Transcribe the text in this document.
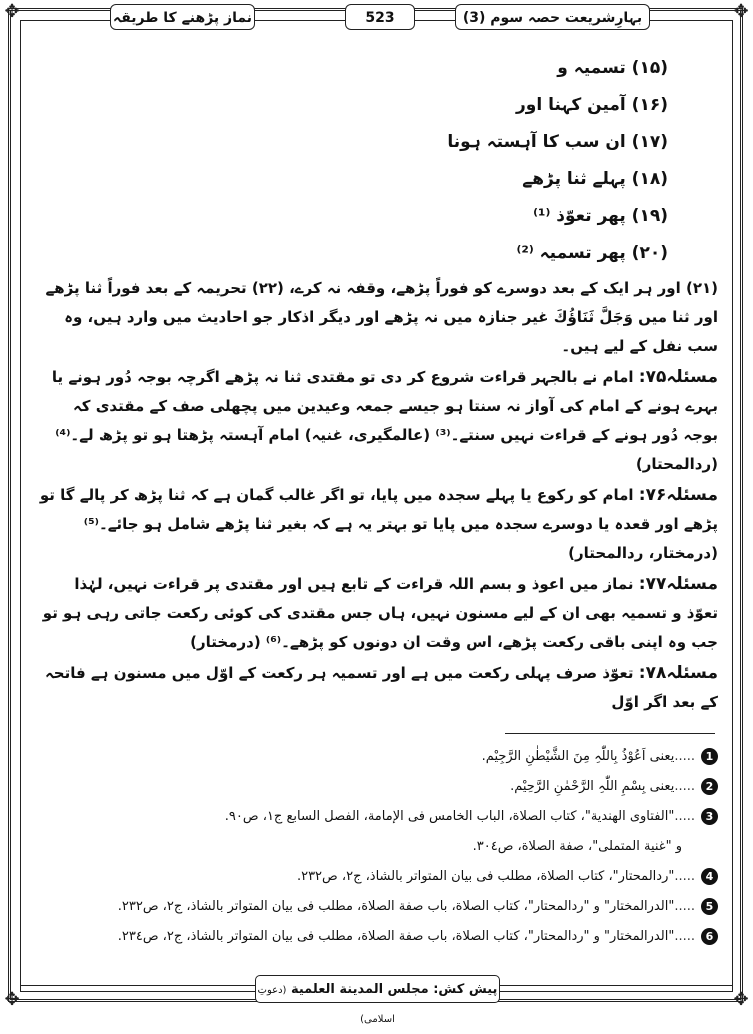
✥	✥
✥	✥
بہارِشریعت حصہ سوم (3)
523
نماز پڑھنے کا طریقہ
(۱۵) تسمیہ و
(۱۶) آمین کہنا اور
(۱۷) ان سب کا آہستہ ہونا
(۱۸) پہلے ثنا پڑھے
(۱۹) پھر تعوّذ ⁽¹⁾
(۲۰) پھر تسمیہ ⁽²⁾
(۲۱) اور ہر ایک کے بعد دوسرے کو فوراً پڑھے، وقفہ نہ کرے، (۲۲) تحریمہ کے بعد فوراً ثنا پڑھے اور ثنا میں وَجَلَّ ثَنَاؤُكَ غیر جنازہ میں نہ پڑھے اور دیگر اذکار جو احادیث میں وارد ہیں، وہ سب نفل کے لیے ہیں۔
مسئلہ۷۵: امام نے بالجہر قراءت شروع کر دی تو مقتدی ثنا نہ پڑھے اگرچہ بوجہ دُور ہونے یا بہرے ہونے کے امام کی آواز نہ سنتا ہو جیسے جمعہ وعیدین میں پچھلی صف کے مقتدی کہ بوجہ دُور ہونے کے قراءت نہیں سنتے۔⁽³⁾ (عالمگیری، غنیہ) امام آہستہ پڑھتا ہو تو پڑھ لے۔⁽⁴⁾ (ردالمحتار)
مسئلہ۷۶: امام کو رکوع یا پہلے سجدہ میں پایا، تو اگر غالب گمان ہے کہ ثنا پڑھ کر پالے گا تو پڑھے اور قعدہ یا دوسرے سجدہ میں پایا تو بہتر یہ ہے کہ بغیر ثنا پڑھے شامل ہو جائے۔⁽⁵⁾ (درمختار، ردالمحتار)
مسئلہ۷۷: نماز میں اعوذ و بسم اللہ قراءت کے تابع ہیں اور مقتدی پر قراءت نہیں، لہٰذا تعوّذ و تسمیہ بھی ان کے لیے مسنون نہیں، ہاں جس مقتدی کی کوئی رکعت جاتی رہی ہو تو جب وہ اپنی باقی رکعت پڑھے، اس وقت ان دونوں کو پڑھے۔⁽⁶⁾ (درمختار)
مسئلہ۷۸: تعوّذ صرف پہلی رکعت میں ہے اور تسمیہ ہر رکعت کے اوّل میں مسنون ہے فاتحہ کے بعد اگر اوّل
1.....یعنی اَعُوْذُ بِاللّٰہِ مِنَ الشَّیْطٰنِ الرَّجِیْم.
2.....یعنی بِسْمِ اللّٰہِ الرَّحْمٰنِ الرَّحِیْم.
3....."الفتاوی الهندیة"، کتاب الصلاة، الباب الخامس فی الإمامة، الفصل السابع ج١، ص٩٠.
و "غنیة المتملی"، صفة الصلاة، ص٣٠٤.
4....."ردالمحتار"، کتاب الصلاة، مطلب فی بیان المتواتر بالشاذ، ج٢، ص٢٣٢.
5....."الدرالمختار" و "ردالمحتار"، کتاب الصلاة، باب صفة الصلاة، مطلب فی بیان المتواتر بالشاذ، ج٢، ص٢٣٢.
6....."الدرالمختار" و "ردالمحتار"، کتاب الصلاة، باب صفة الصلاة، مطلب فی بیان المتواتر بالشاذ، ج٢، ص٢٣٤.
پیش کش: مجلس المدینة العلمیة (دعوتِ اسلامی)
